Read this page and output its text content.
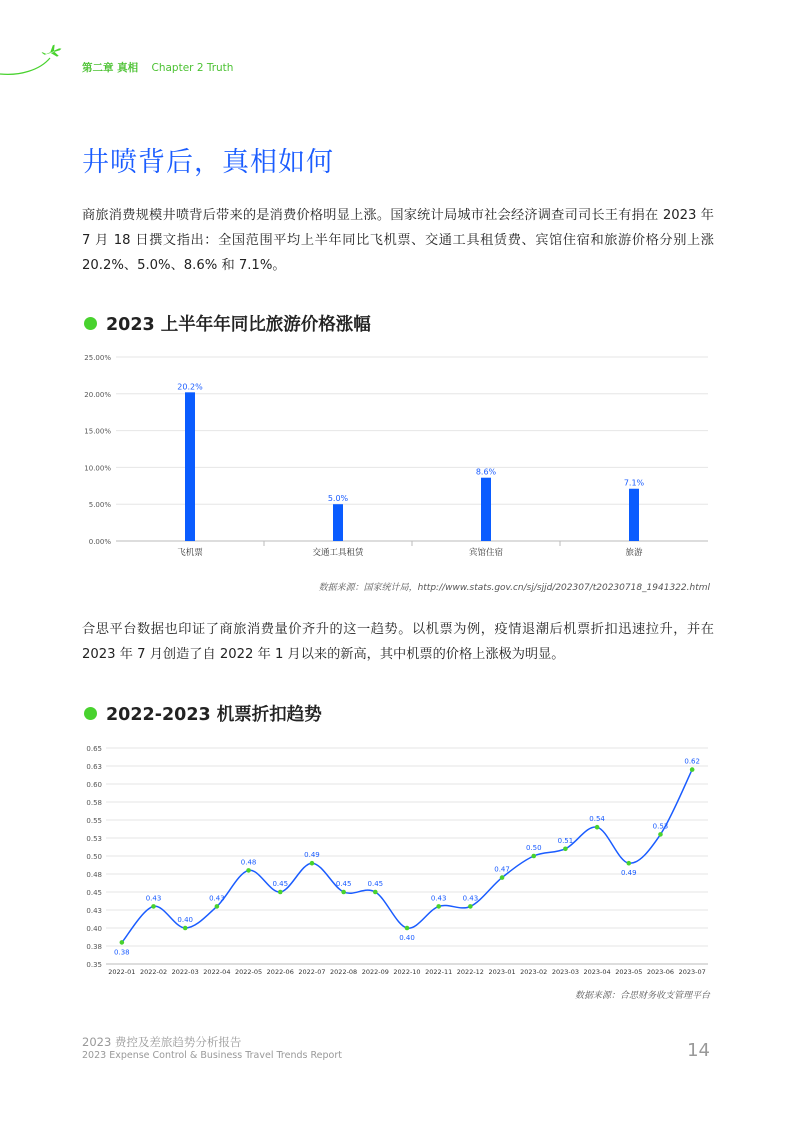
第二章 真相 Chapter 2 Truth
井喷背后，真相如何
商旅消费规模井喷背后带来的是消费价格明显上涨。国家统计局城市社会经济调查司司长王有捐在 2023 年 7 月 18 日撰文指出：全国范围平均上半年同比飞机票、交通工具租赁费、宾馆住宿和旅游价格分别上涨 20.2%、5.0%、8.6% 和 7.1%。
2023 上半年年同比旅游价格涨幅
0.00%
5.00%
10.00%
15.00%
20.00%
25.00%
20.2%
飞机票
5.0%
交通工具租赁
8.6%
宾馆住宿
7.1%
旅游
数据来源：国家统计局，http://www.stats.gov.cn/sj/sjjd/202307/t20230718_1941322.html
合思平台数据也印证了商旅消费量价齐升的这一趋势。以机票为例，疫情退潮后机票折扣迅速拉升，并在 2023 年 7 月创造了自 2022 年 1 月以来的新高，其中机票的价格上涨极为明显。
2022-2023 机票折扣趋势
0.35
0.38
0.40
0.43
0.45
0.48
0.50
0.53
0.55
0.58
0.60
0.63
0.65
0.38
2022-01
0.43
2022-02
0.40
2022-03
0.43
2022-04
0.48
2022-05
0.45
2022-06
0.49
2022-07
0.45
2022-08
0.45
2022-09
0.40
2022-10
0.43
2022-11
0.43
2022-12
0.47
2023-01
0.50
2023-02
0.51
2023-03
0.54
2023-04
0.49
2023-05
0.53
2023-06
0.62
2023-07
数据来源：合思财务收支管理平台
2023 费控及差旅趋势分析报告
2023 Expense Control & Business Travel Trends Report	14
